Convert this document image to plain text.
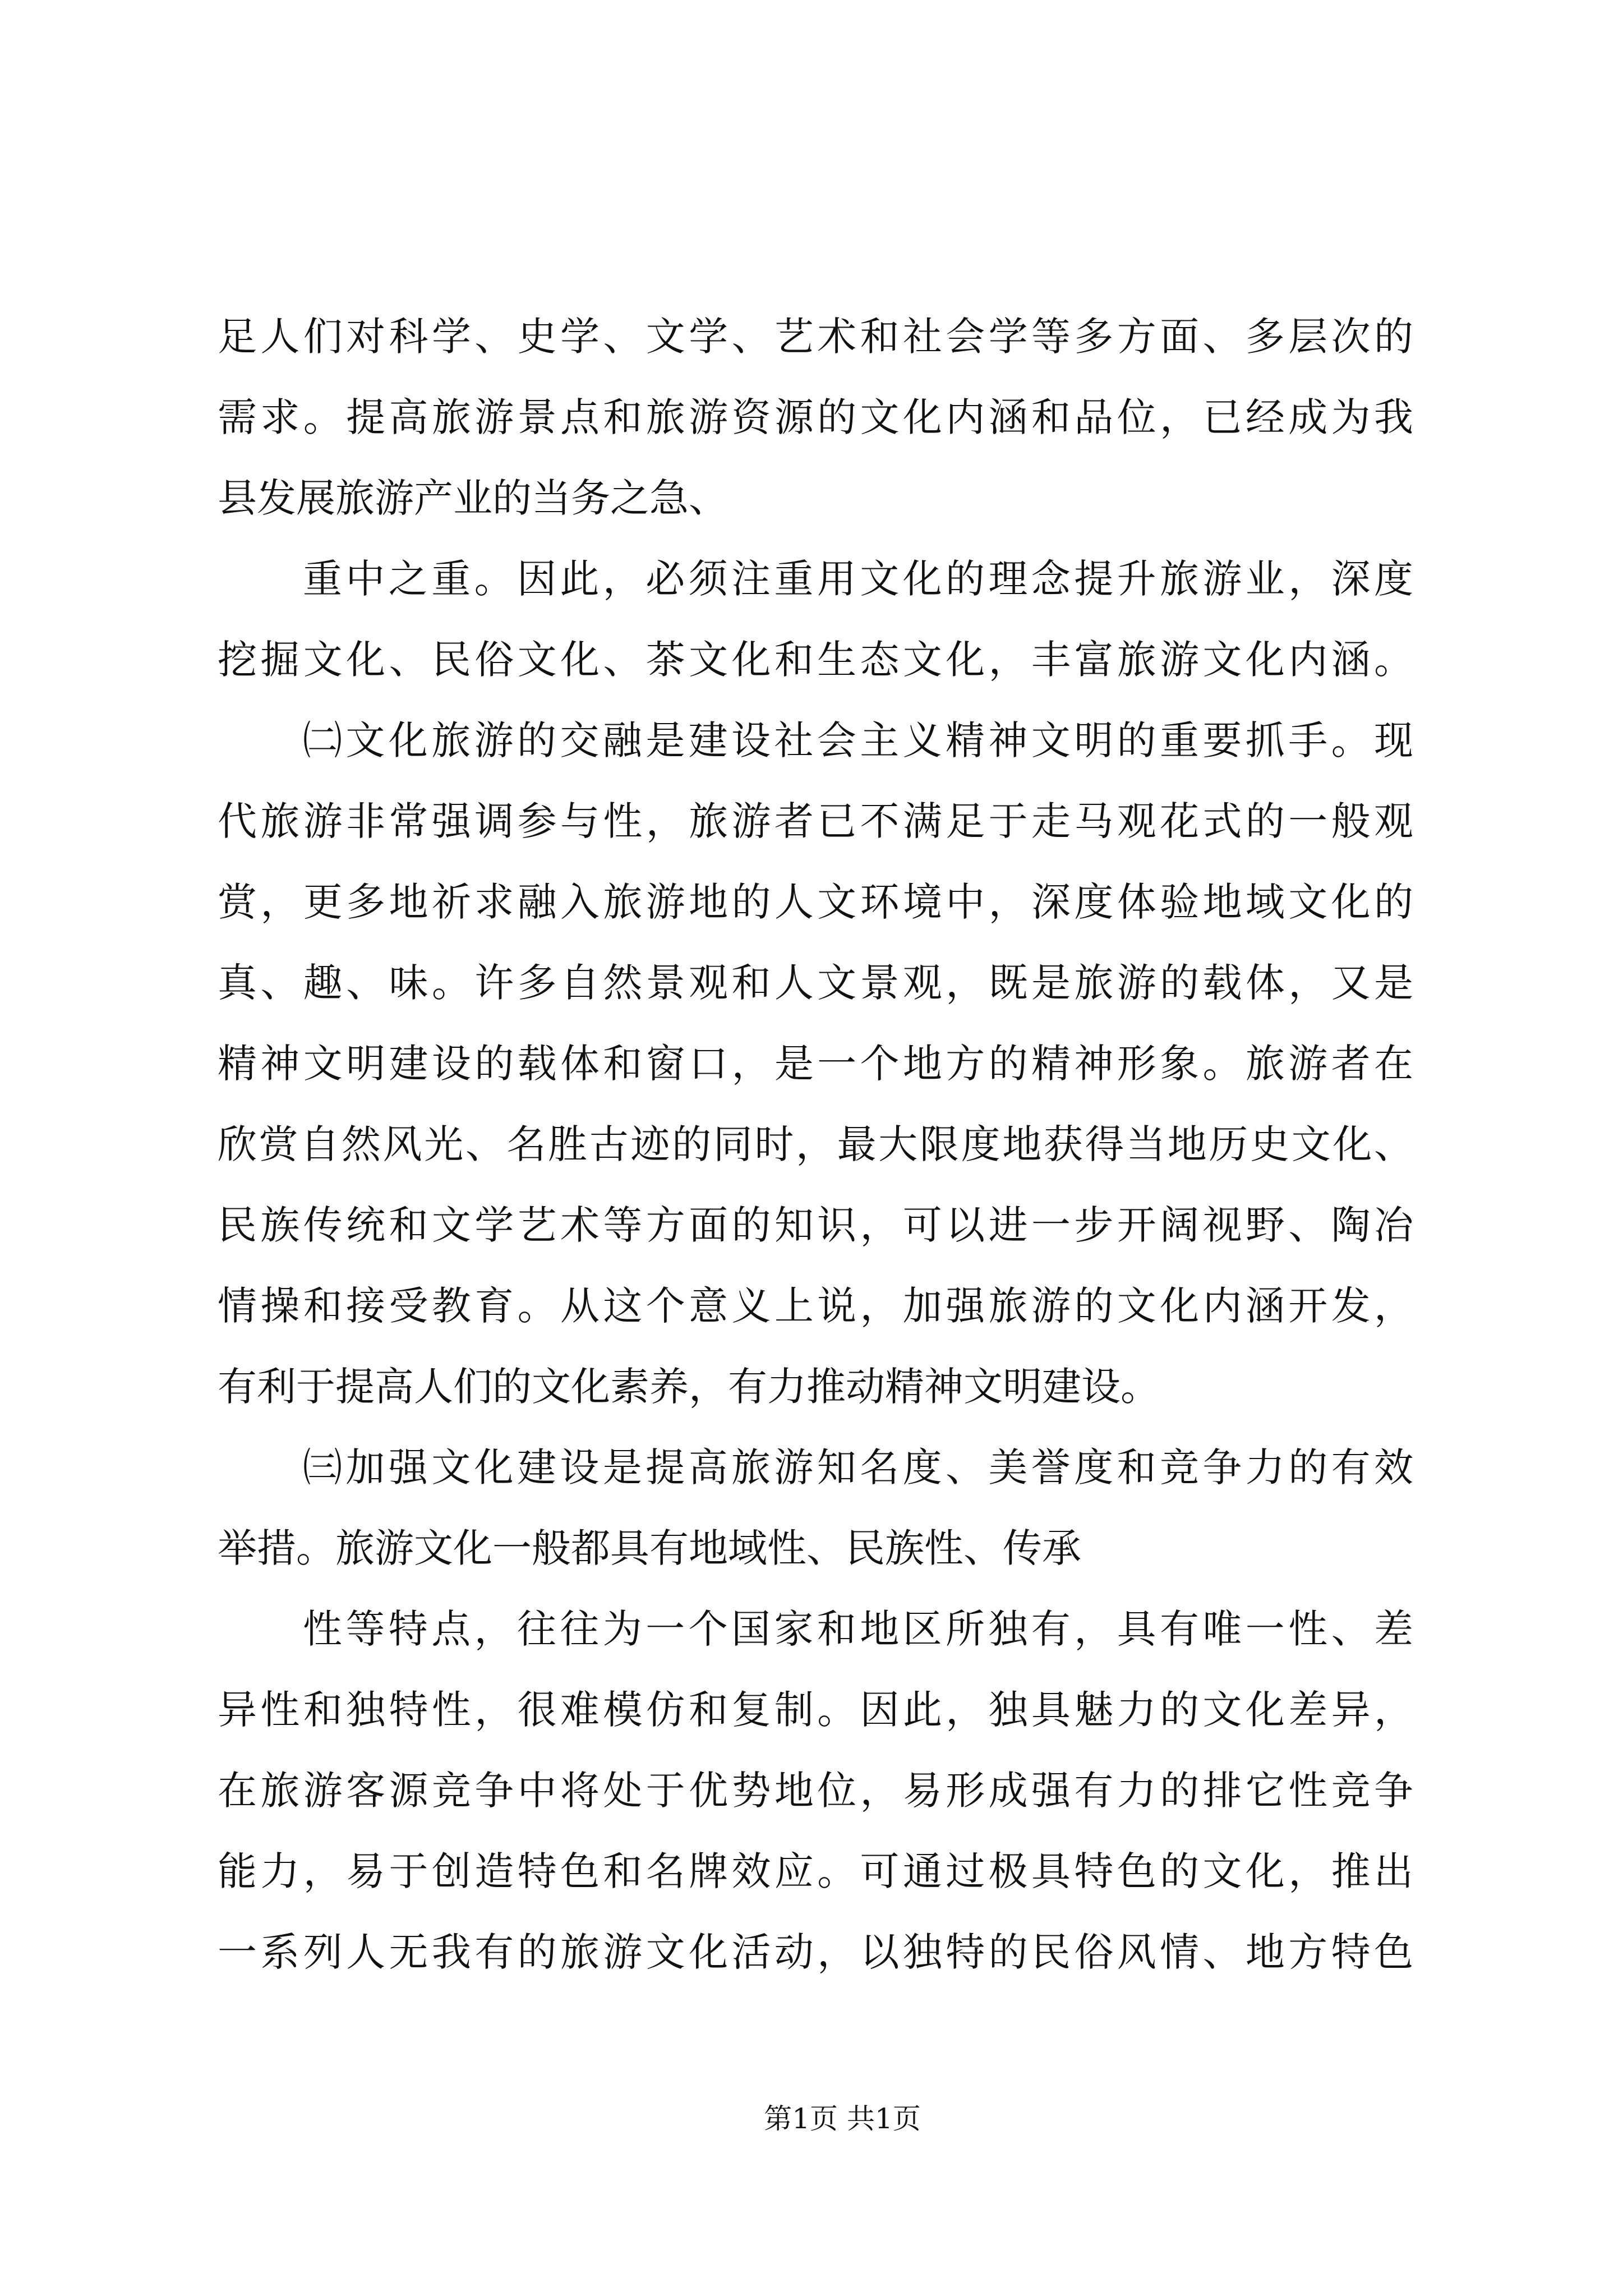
足人们对科学、史学、文学、艺术和社会学等多方面、多层次的
需求。提高旅游景点和旅游资源的文化内涵和品位，已经成为我
县发展旅游产业的当务之急、
重中之重。因此，必须注重用文化的理念提升旅游业，深度
挖掘文化、民俗文化、茶文化和生态文化，丰富旅游文化内涵。
㈡文化旅游的交融是建设社会主义精神文明的重要抓手。现
代旅游非常强调参与性，旅游者已不满足于走马观花式的一般观
赏，更多地祈求融入旅游地的人文环境中，深度体验地域文化的
真、趣、味。许多自然景观和人文景观，既是旅游的载体，又是
精神文明建设的载体和窗口，是一个地方的精神形象。旅游者在
欣赏自然风光、名胜古迹的同时，最大限度地获得当地历史文化、
民族传统和文学艺术等方面的知识，可以进一步开阔视野、陶冶
情操和接受教育。从这个意义上说，加强旅游的文化内涵开发，
有利于提高人们的文化素养，有力推动精神文明建设。
㈢加强文化建设是提高旅游知名度、美誉度和竞争力的有效
举措。旅游文化一般都具有地域性、民族性、传承
性等特点，往往为一个国家和地区所独有，具有唯一性、差
异性和独特性，很难模仿和复制。因此，独具魅力的文化差异，
在旅游客源竞争中将处于优势地位，易形成强有力的排它性竞争
能力，易于创造特色和名牌效应。可通过极具特色的文化，推出
一系列人无我有的旅游文化活动，以独特的民俗风情、地方特色
第1页 共1页
